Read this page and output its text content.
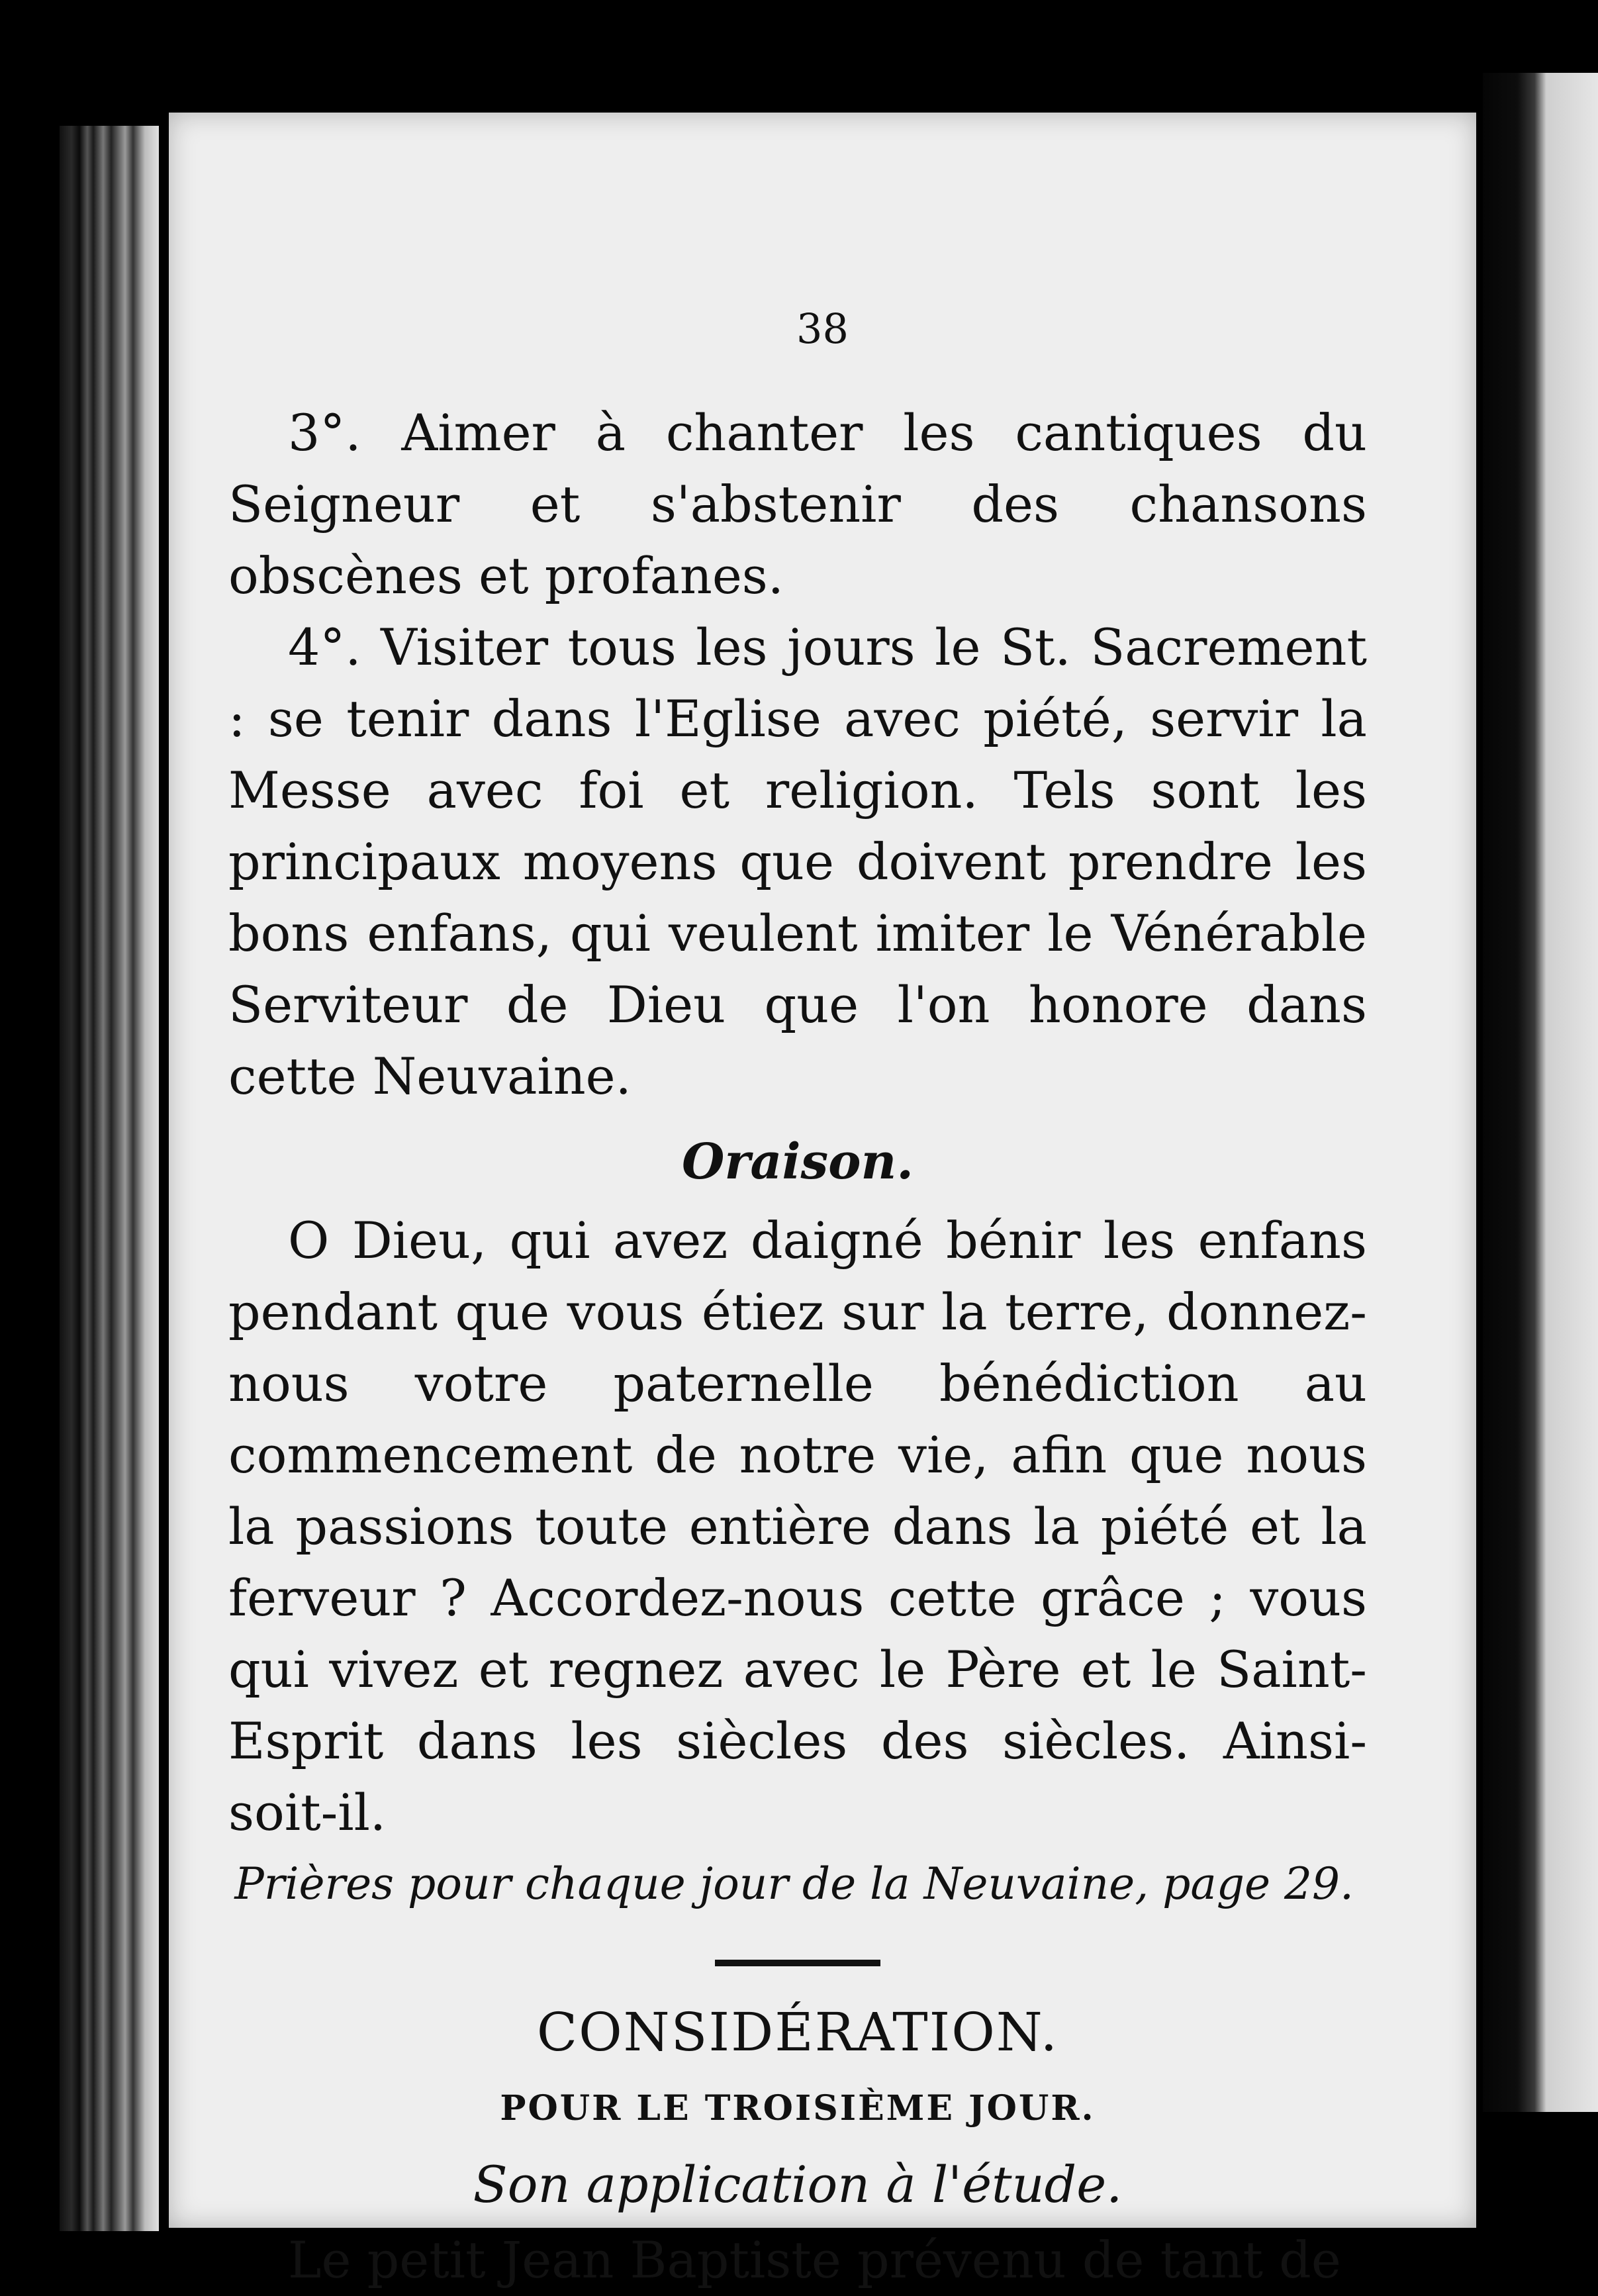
38

3°. Aimer à chanter les cantiques du Seigneur et s'abstenir des chansons obscènes et profanes.

4°. Visiter tous les jours le St. Sacrement : se tenir dans l'Eglise avec piété, servir la Messe avec foi et religion. Tels sont les principaux moyens que doivent prendre les bons enfans, qui veulent imiter le Vénérable Serviteur de Dieu que l'on honore dans cette Neuvaine.

Oraison.

O Dieu, qui avez daigné bénir les enfans pendant que vous étiez sur la terre, donnez-nous votre paternelle bénédiction au commencement de notre vie, afin que nous la passions toute entière dans la piété et la ferveur ? Accordez-nous cette grâce ; vous qui vivez et regnez avec le Père et le Saint-Esprit dans les siècles des siècles. Ainsi-soit-il.

Prières pour chaque jour de la Neuvaine, page 29.
CONSIDÉRATION.
POUR LE TROISIÈME JOUR.
Son application à l'étude.

Le petit Jean Baptiste prévenu de tant de
